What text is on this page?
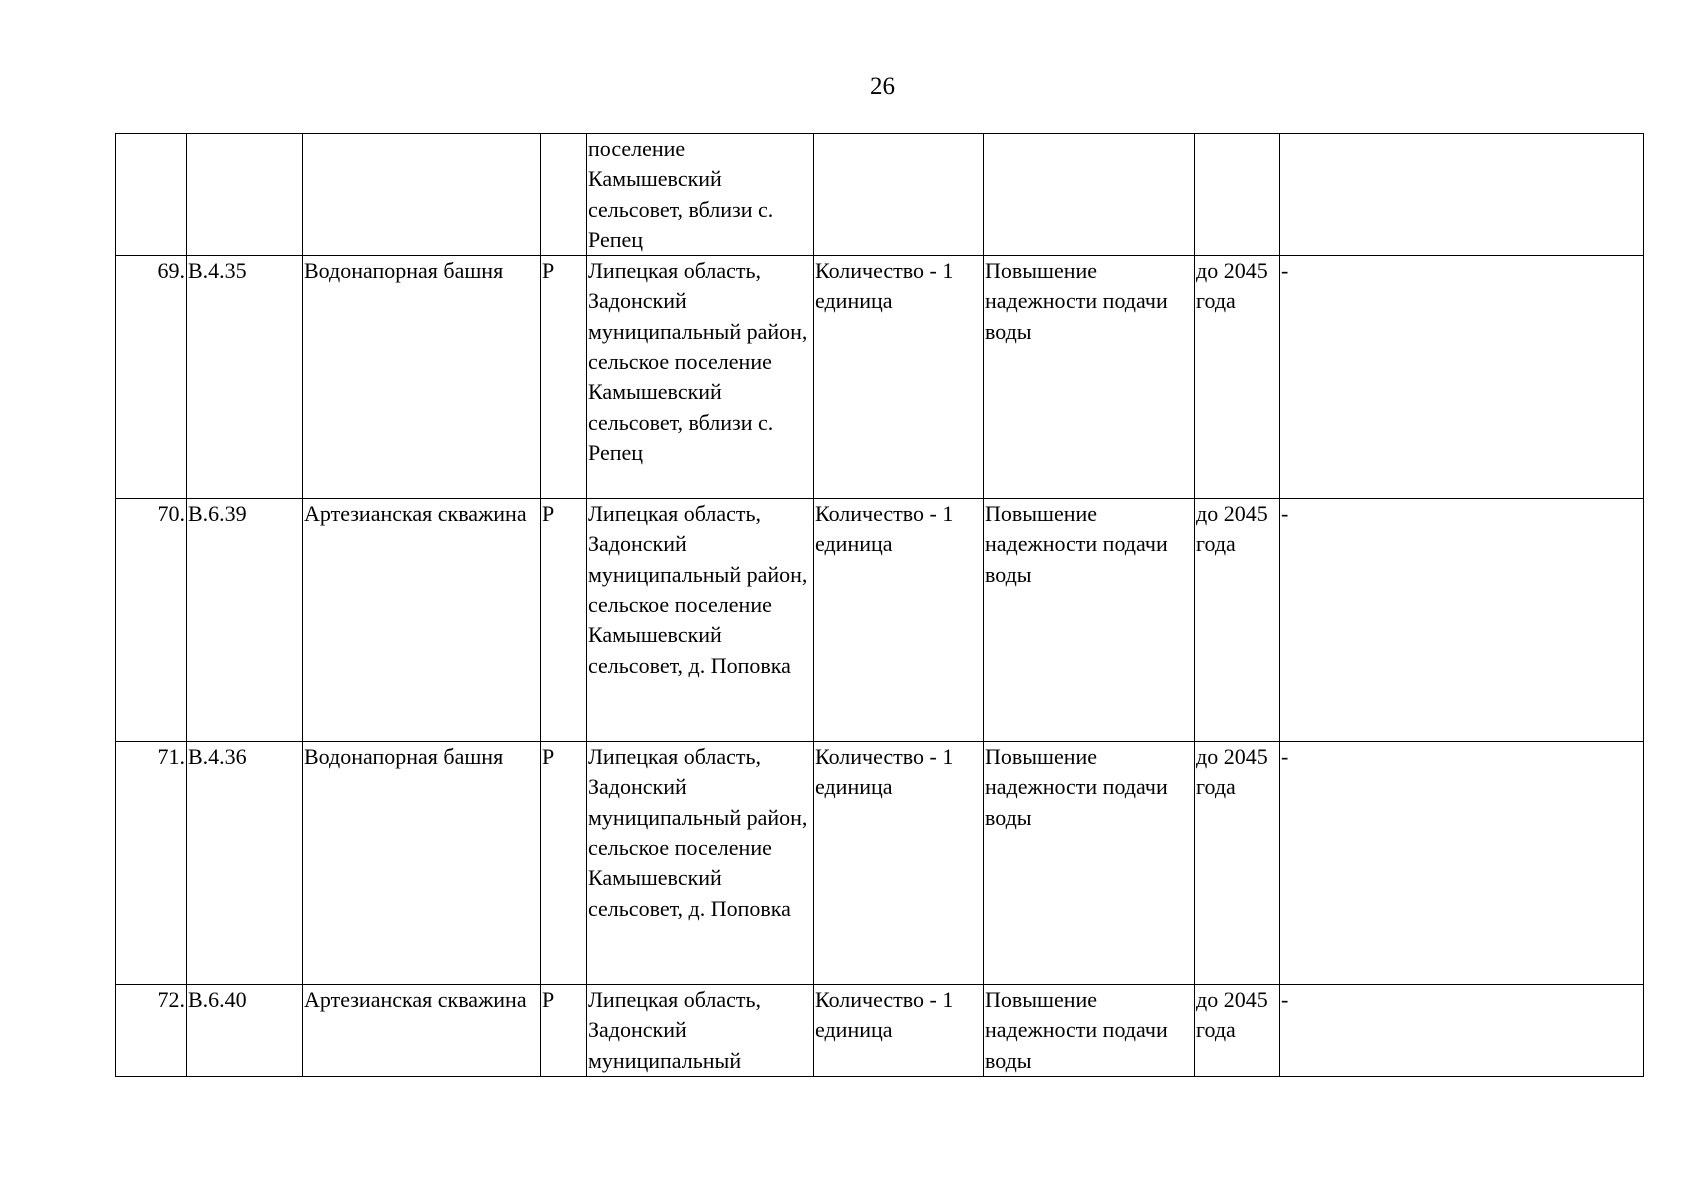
26
				поселение Камышевский сельсовет, вблизи с. Репец				
69.	В.4.35	Водонапорная башня	Р	Липецкая область, Задонский муниципальный район, сельское поселение Камышевский сельсовет, вблизи с. Репец	Количество - 1 единица	Повышение надежности подачи воды	до 2045 года	-
70.	В.6.39	Артезианская скважина	Р	Липецкая область, Задонский муниципальный район, сельское поселение Камышевский сельсовет, д. Поповка	Количество - 1 единица	Повышение надежности подачи воды	до 2045 года	-
71.	В.4.36	Водонапорная башня	Р	Липецкая область, Задонский муниципальный район, сельское поселение Камышевский сельсовет, д. Поповка	Количество - 1 единица	Повышение надежности подачи воды	до 2045 года	-
72.	В.6.40	Артезианская скважина	Р	Липецкая область, Задонский муниципальный	Количество - 1 единица	Повышение надежности подачи воды	до 2045 года	-
